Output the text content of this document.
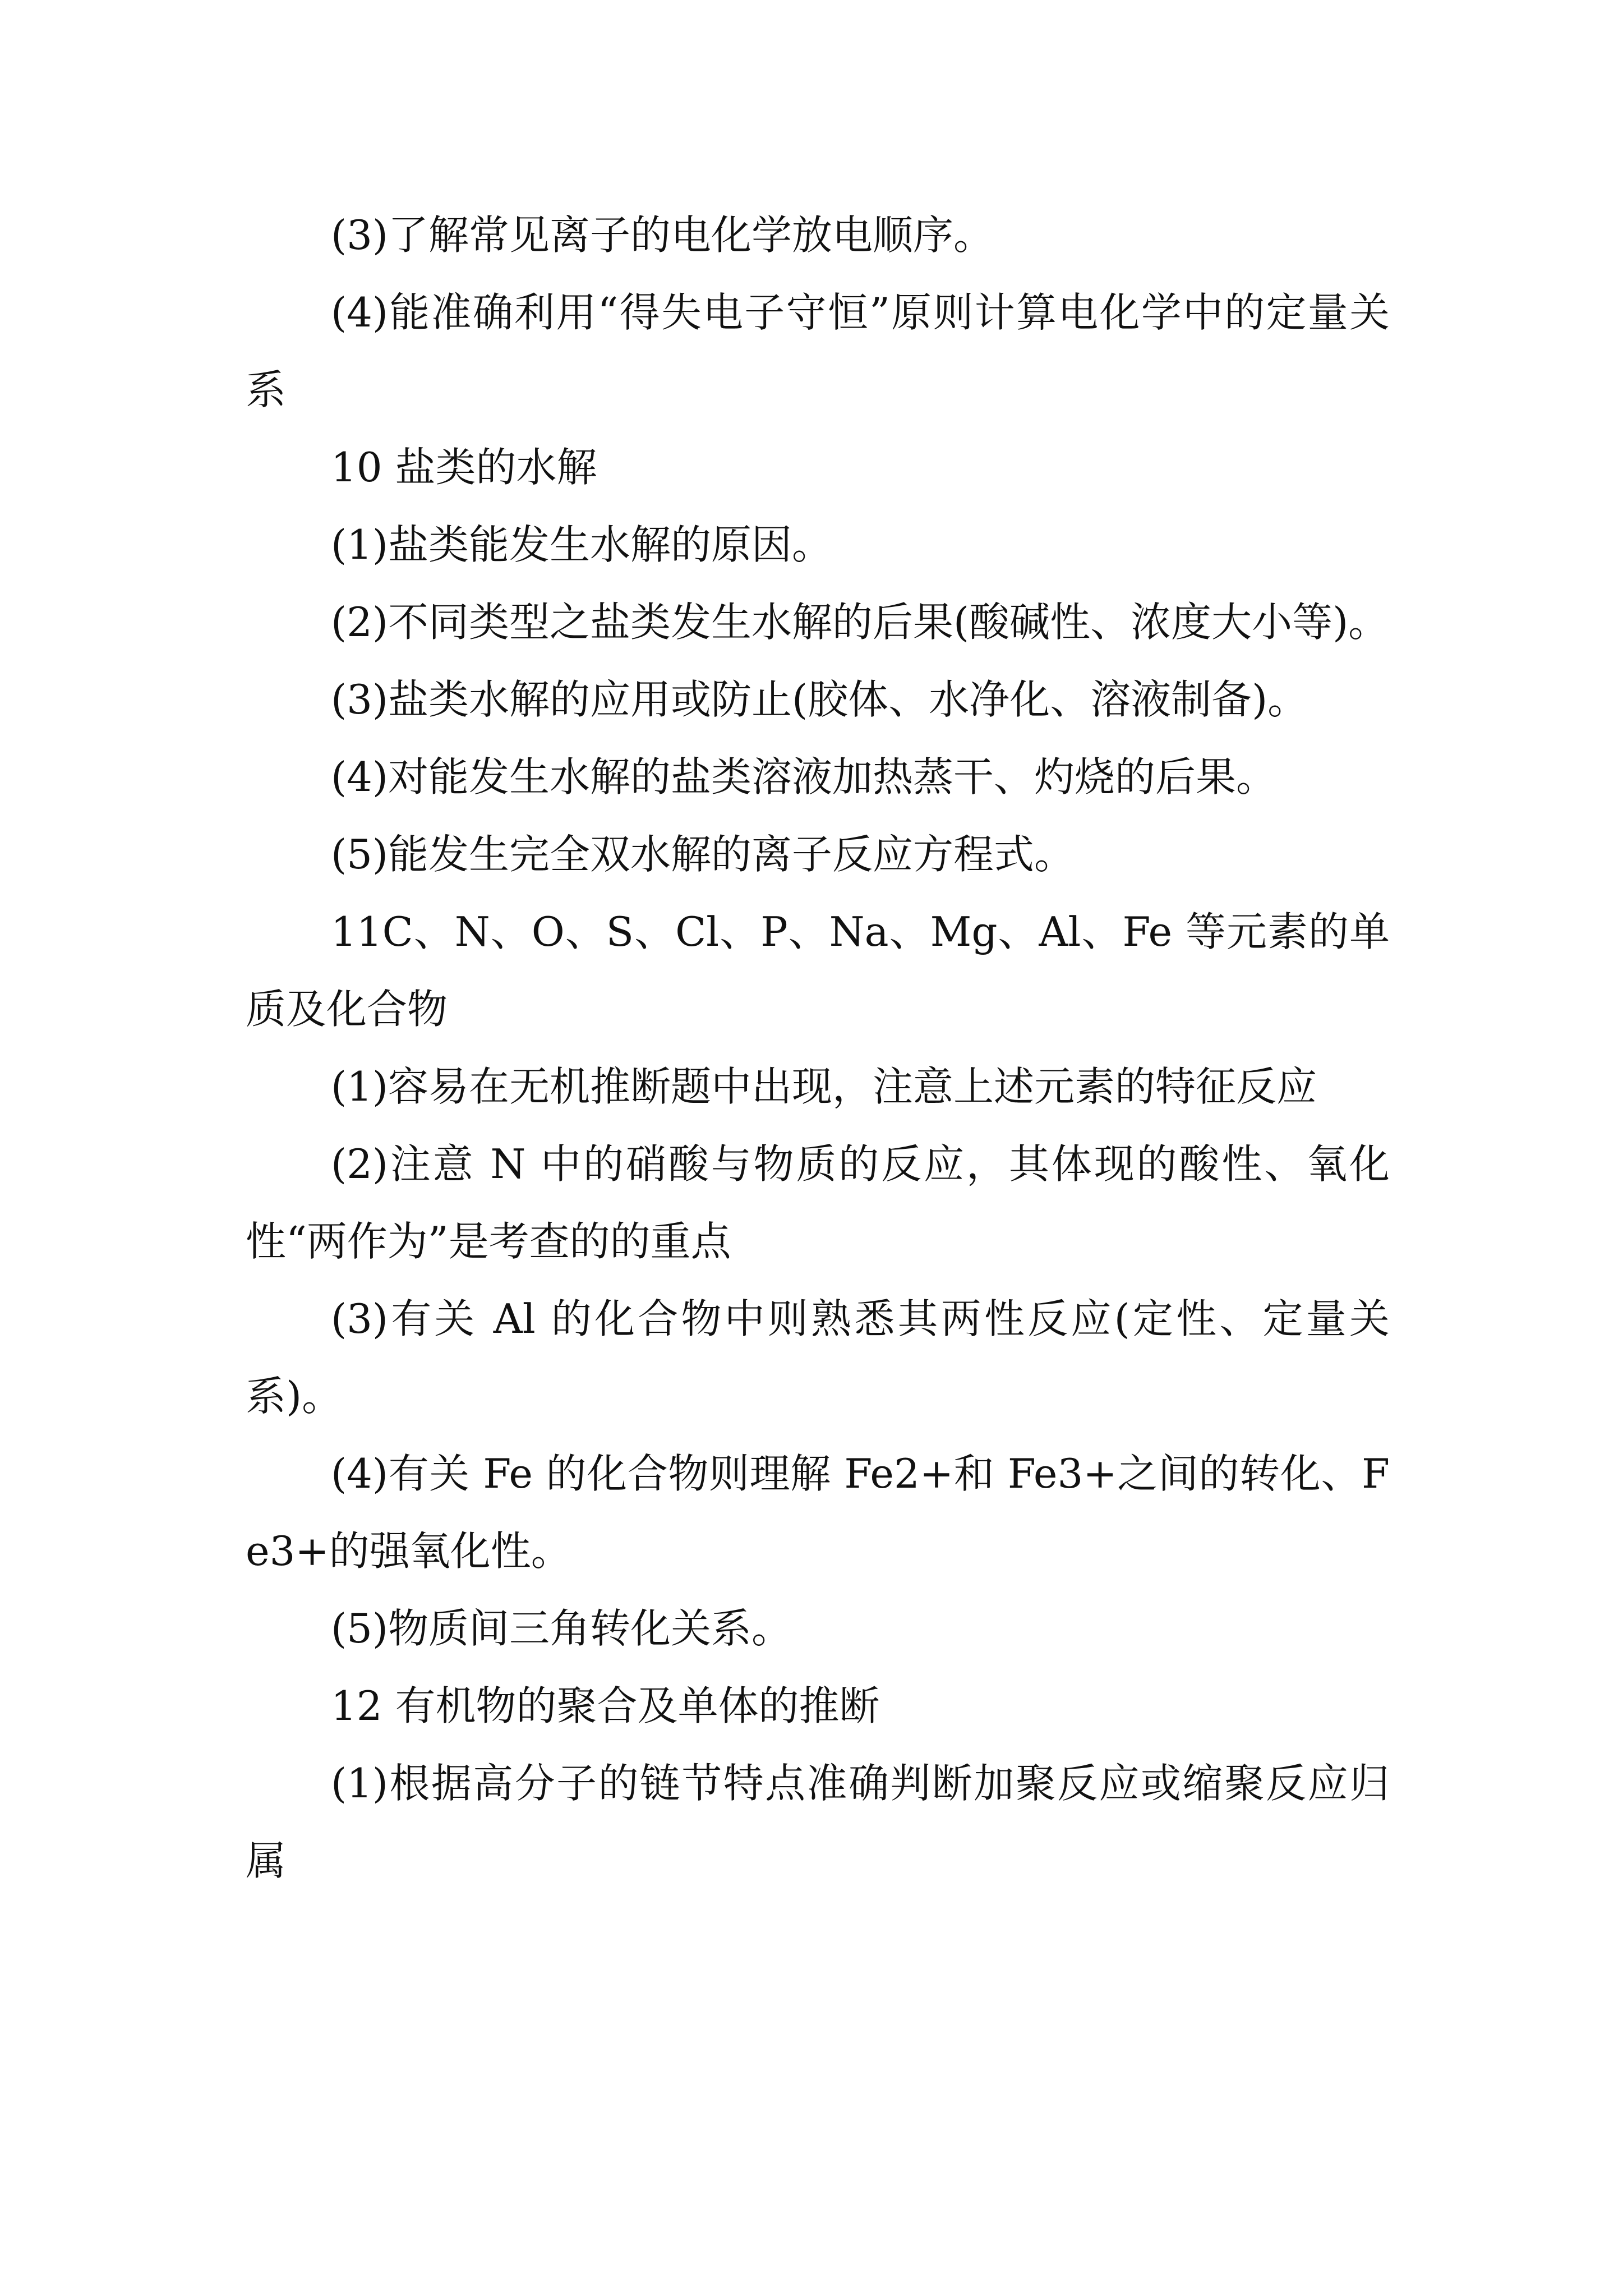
(3)了解常见离子的电化学放电顺序。

(4)能准确利用“得失电子守恒”原则计算电化学中的定量关系

10 盐类的水解

(1)盐类能发生水解的原因。

(2)不同类型之盐类发生水解的后果(酸碱性、浓度大小等)。

(3)盐类水解的应用或防止(胶体、水净化、溶液制备)。

(4)对能发生水解的盐类溶液加热蒸干、灼烧的后果。

(5)能发生完全双水解的离子反应方程式。

11C、N、O、S、Cl、P、Na、Mg、Al、Fe 等元素的单质及化合物

(1)容易在无机推断题中出现，注意上述元素的特征反应

(2)注意 N 中的硝酸与物质的反应，其体现的酸性、氧化性“两作为”是考查的的重点

(3)有关 Al 的化合物中则熟悉其两性反应(定性、定量关系)。

(4)有关 Fe 的化合物则理解 Fe2+和 Fe3+之间的转化、Fe3+的强氧化性。

(5)物质间三角转化关系。

12 有机物的聚合及单体的推断

(1)根据高分子的链节特点准确判断加聚反应或缩聚反应归属
